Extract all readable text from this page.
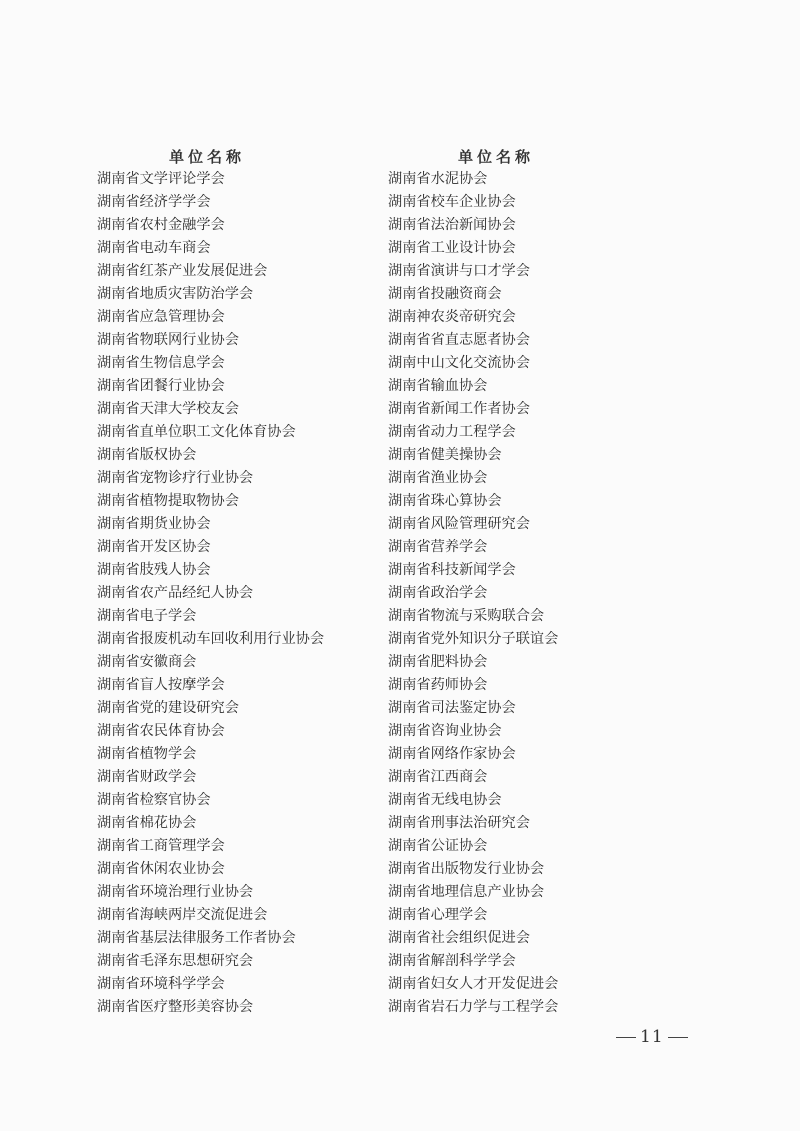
单位名称
湖南省文学评论学会
湖南省经济学学会
湖南省农村金融学会
湖南省电动车商会
湖南省红茶产业发展促进会
湖南省地质灾害防治学会
湖南省应急管理协会
湖南省物联网行业协会
湖南省生物信息学会
湖南省团餐行业协会
湖南省天津大学校友会
湖南省直单位职工文化体育协会
湖南省版权协会
湖南省宠物诊疗行业协会
湖南省植物提取物协会
湖南省期货业协会
湖南省开发区协会
湖南省肢残人协会
湖南省农产品经纪人协会
湖南省电子学会
湖南省报废机动车回收利用行业协会
湖南省安徽商会
湖南省盲人按摩学会
湖南省党的建设研究会
湖南省农民体育协会
湖南省植物学会
湖南省财政学会
湖南省检察官协会
湖南省棉花协会
湖南省工商管理学会
湖南省休闲农业协会
湖南省环境治理行业协会
湖南省海峡两岸交流促进会
湖南省基层法律服务工作者协会
湖南省毛泽东思想研究会
湖南省环境科学学会
湖南省医疗整形美容协会
单位名称
湖南省水泥协会
湖南省校车企业协会
湖南省法治新闻协会
湖南省工业设计协会
湖南省演讲与口才学会
湖南省投融资商会
湖南神农炎帝研究会
湖南省省直志愿者协会
湖南中山文化交流协会
湖南省输血协会
湖南省新闻工作者协会
湖南省动力工程学会
湖南省健美操协会
湖南省渔业协会
湖南省珠心算协会
湖南省风险管理研究会
湖南省营养学会
湖南省科技新闻学会
湖南省政治学会
湖南省物流与采购联合会
湖南省党外知识分子联谊会
湖南省肥料协会
湖南省药师协会
湖南省司法鉴定协会
湖南省咨询业协会
湖南省网络作家协会
湖南省江西商会
湖南省无线电协会
湖南省刑事法治研究会
湖南省公证协会
湖南省出版物发行业协会
湖南省地理信息产业协会
湖南省心理学会
湖南省社会组织促进会
湖南省解剖科学学会
湖南省妇女人才开发促进会
湖南省岩石力学与工程学会
11
